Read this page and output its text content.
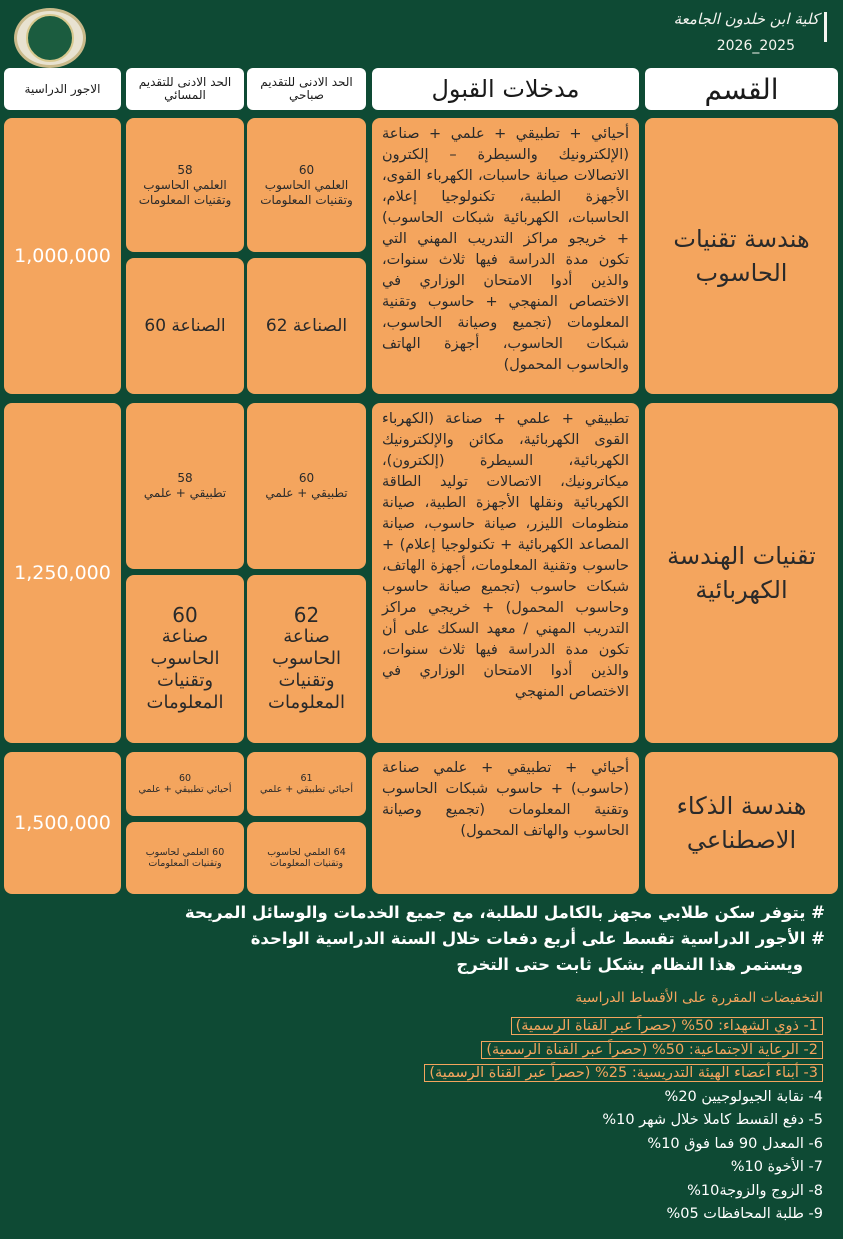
كلية ابن خلدون الجامعة
2026_2025
القسم
مدخلات القبول
الحد الادنى للتقديم صباحي
الحد الادنى للتقديم المسائي
الاجور الدراسية
هندسة تقنيات الحاسوب
أحيائي + تطبيقي + علمي + صناعة (الإلكترونيك والسيطرة – إلكترون الاتصالات صيانة حاسبات، الكهرباء القوى، الأجهزة الطبية، تكنولوجيا إعلام، الحاسبات، الكهربائية شبكات الحاسوب) + خريجو مراكز التدريب المهني التي تكون مدة الدراسة فيها ثلاث سنوات، والذين أدوا الامتحان الوزاري في الاختصاص المنهجي + حاسوب وتقنية المعلومات (تجميع وصيانة الحاسوب، شبكات الحاسوب، أجهزة الهاتف والحاسوب المحمول)
60
العلمي الحاسوب وتقنيات المعلومات
58
العلمي الحاسوب وتقنيات المعلومات
الصناعة 62
الصناعة 60
1,000,000
تقنيات الهندسة الكهربائية
تطبيقي + علمي + صناعة (الكهرباء القوى الكهربائية، مكائن والإلكترونيك الكهربائية، السيطرة (إلكترون)، ميكاترونيك، الاتصالات توليد الطاقة الكهربائية ونقلها الأجهزة الطبية، صيانة منظومات الليزر، صيانة حاسوب، صيانة المصاعد الكهربائية + تكنولوجيا إعلام) + حاسوب وتقنية المعلومات، أجهزة الهاتف، شبكات حاسوب (تجميع صيانة حاسوب وحاسوب المحمول) + خريجي مراكز التدريب المهني / معهد السكك على أن تكون مدة الدراسة فيها ثلاث سنوات، والذين أدوا الامتحان الوزاري في الاختصاص المنهجي
60
تطبيقي + علمي
58
تطبيقي + علمي
62
صناعة الحاسوب وتقنيات المعلومات
60
صناعة الحاسوب وتقنيات المعلومات
1,250,000
هندسة الذكاء الاصطناعي
أحيائي + تطبيقي + علمي صناعة (حاسوب) + حاسوب شبكات الحاسوب وتقنية المعلومات (تجميع وصيانة الحاسوب والهاتف المحمول)
61
أحيائي تطبيقي + علمي
60
أحيائي تطبيقي + علمي
64 العلمي لحاسوب وتقنيات المعلومات
60 العلمي لحاسوب وتقنيات المعلومات
1,500,000
# يتوفر سكن طلابي مجهز بالكامل للطلبة، مع جميع الخدمات والوسائل المريحة
# الأجور الدراسية تقسط على أربع دفعات خلال السنة الدراسية الواحدة
ويستمر هذا النظام بشكل ثابت حتى التخرج
التخفيضات المقررة على الأقساط الدراسية
1- ذوي الشهداء: 50% (حصراً عبر القناة الرسمية)
2- الرعاية الاجتماعية: 50% (حصراً عبر القناة الرسمية)
3- أبناء أعضاء الهيئة التدريسية: 25% (حصراً عبر القناة الرسمية)
4- نقابة الجيولوجيين 20%
5- دفع القسط كاملا خلال شهر 10%
6- المعدل 90 فما فوق 10%
7- الأخوة 10%
8- الزوج والزوجة10%
9- طلبة المحافظات 05%
